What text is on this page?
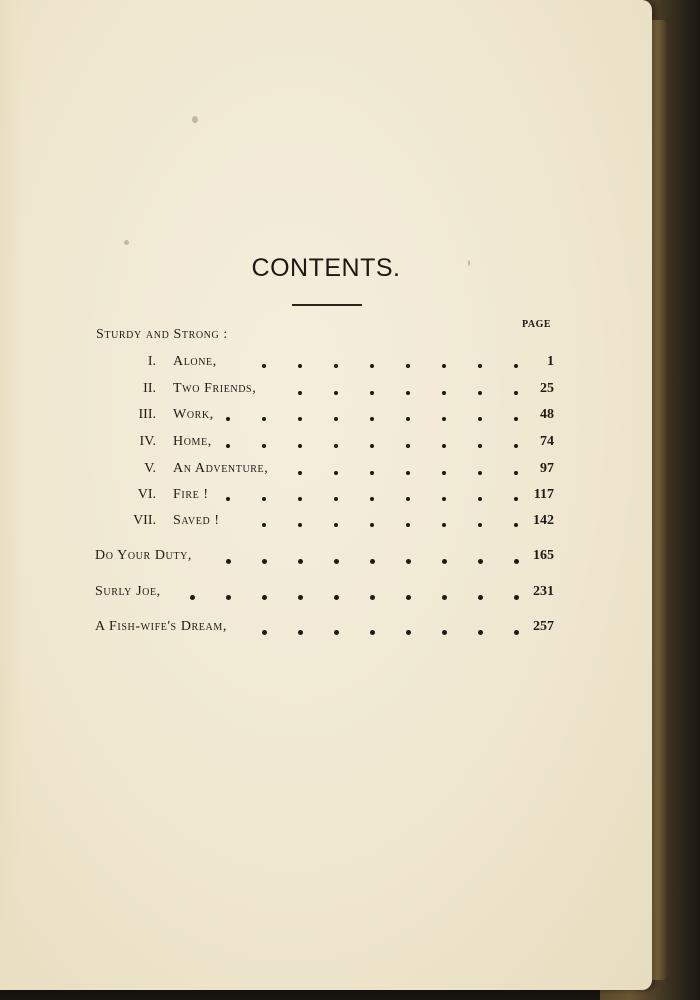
CONTENTS.
PAGE
Sturdy and Strong :
I. Alone,	1
II. Two Friends,	25
III. Work,	48
IV. Home,	74
V. An Adventure,	97
VI. Fire !	117
VII. Saved !	142
Do Your Duty,	165
Surly Joe,	231
A Fish-wife's Dream,	257
